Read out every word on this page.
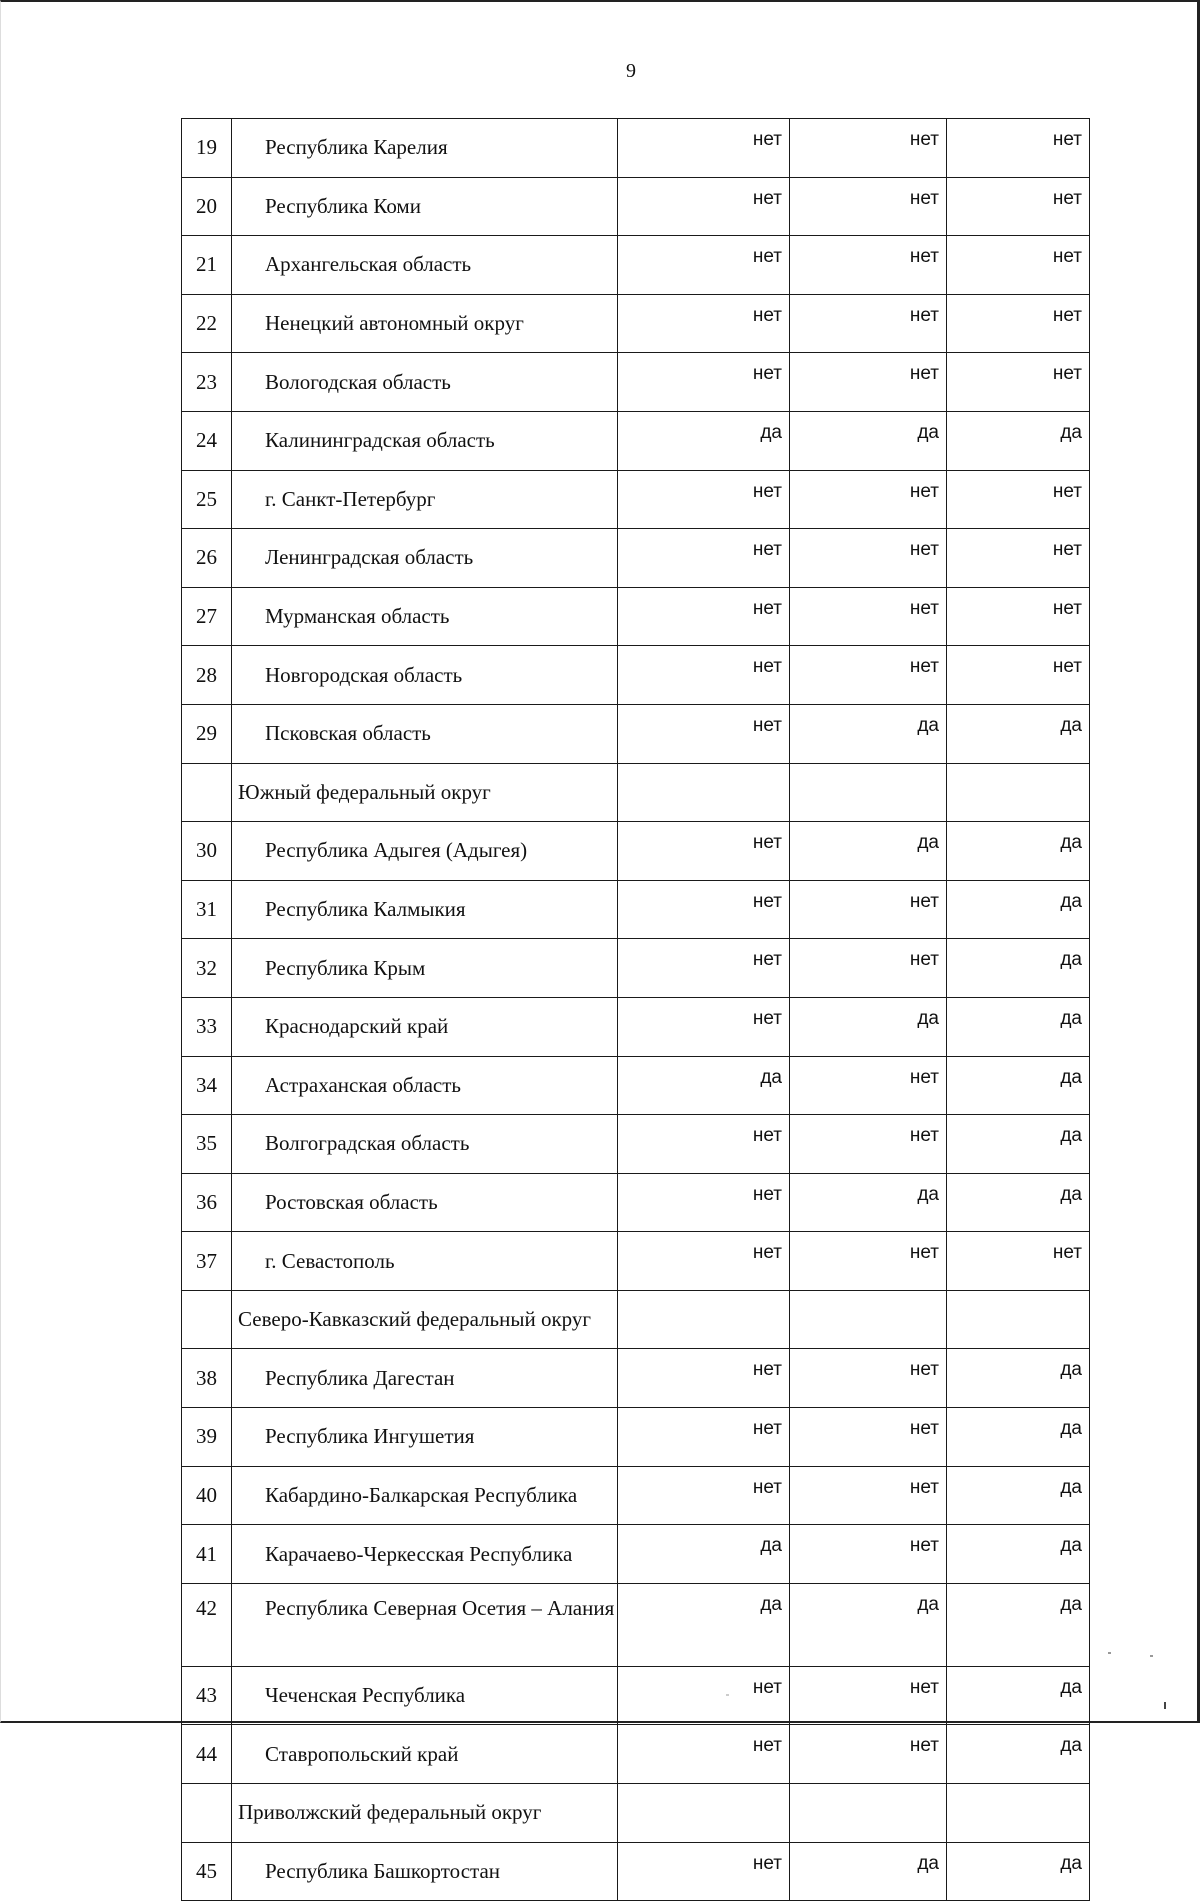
9
19	Республика Карелия	нет	нет	нет
20	Республика Коми	нет	нет	нет
21	Архангельская область	нет	нет	нет
22	Ненецкий автономный округ	нет	нет	нет
23	Вологодская область	нет	нет	нет
24	Калининградская область	да	да	да
25	г. Санкт-Петербург	нет	нет	нет
26	Ленинградская область	нет	нет	нет
27	Мурманская область	нет	нет	нет
28	Новгородская область	нет	нет	нет
29	Псковская область	нет	да	да
	Южный федеральный округ			
30	Республика Адыгея (Адыгея)	нет	да	да
31	Республика Калмыкия	нет	нет	да
32	Республика Крым	нет	нет	да
33	Краснодарский край	нет	да	да
34	Астраханская область	да	нет	да
35	Волгоградская область	нет	нет	да
36	Ростовская область	нет	да	да
37	г. Севастополь	нет	нет	нет
	Северо-Кавказский федеральный округ			
38	Республика Дагестан	нет	нет	да
39	Республика Ингушетия	нет	нет	да
40	Кабардино-Балкарская Республика	нет	нет	да
41	Карачаево-Черкесская Республика	да	нет	да
42	Республика Северная Осетия – Алания	да	да	да
43	Чеченская Республика	нет	нет	да
44	Ставропольский край	нет	нет	да
	Приволжский федеральный округ			
45	Республика Башкортостан	нет	да	да
